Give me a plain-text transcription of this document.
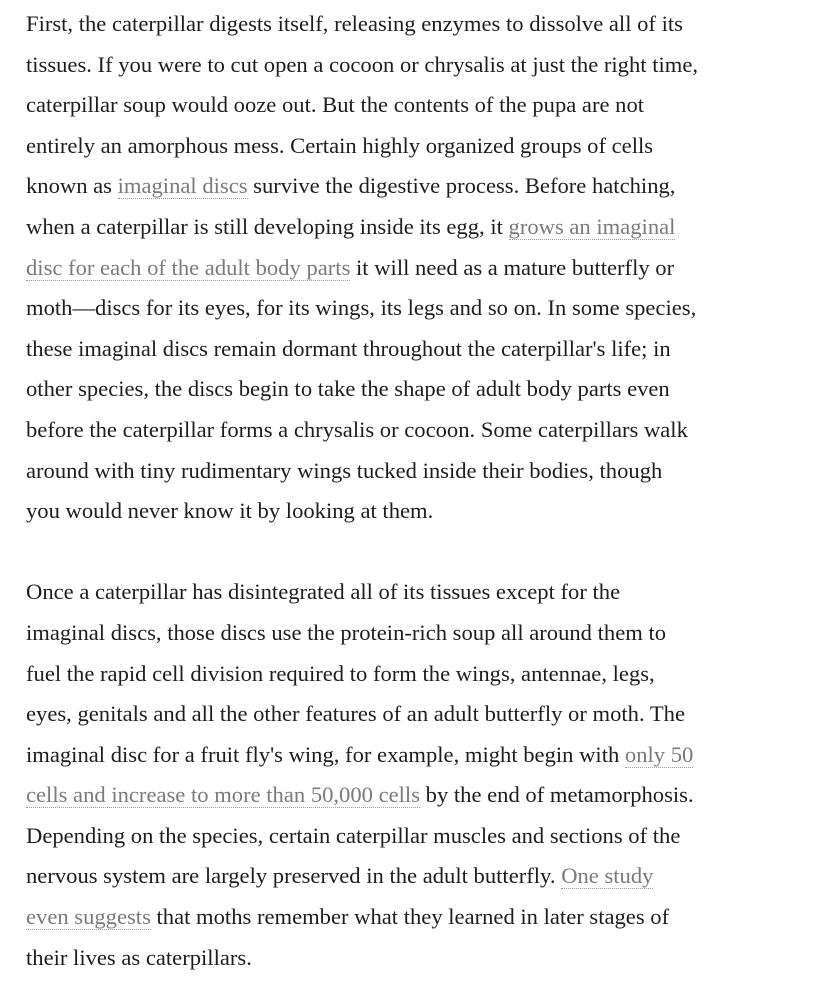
First, the caterpillar digests itself, releasing enzymes to dissolve all of its
tissues. If you were to cut open a cocoon or chrysalis at just the right time,
caterpillar soup would ooze out. But the contents of the pupa are not
entirely an amorphous mess. Certain highly organized groups of cells
known as imaginal discs survive the digestive process. Before hatching,
when a caterpillar is still developing inside its egg, it grows an imaginal
disc for each of the adult body parts it will need as a mature butterfly or
moth—discs for its eyes, for its wings, its legs and so on. In some species,
these imaginal discs remain dormant throughout the caterpillar's life; in
other species, the discs begin to take the shape of adult body parts even
before the caterpillar forms a chrysalis or cocoon. Some caterpillars walk
around with tiny rudimentary wings tucked inside their bodies, though
you would never know it by looking at them.

Once a caterpillar has disintegrated all of its tissues except for the
imaginal discs, those discs use the protein-rich soup all around them to
fuel the rapid cell division required to form the wings, antennae, legs,
eyes, genitals and all the other features of an adult butterfly or moth. The
imaginal disc for a fruit fly's wing, for example, might begin with only 50
cells and increase to more than 50,000 cells by the end of metamorphosis.
Depending on the species, certain caterpillar muscles and sections of the
nervous system are largely preserved in the adult butterfly. One study
even suggests that moths remember what they learned in later stages of
their lives as caterpillars.
